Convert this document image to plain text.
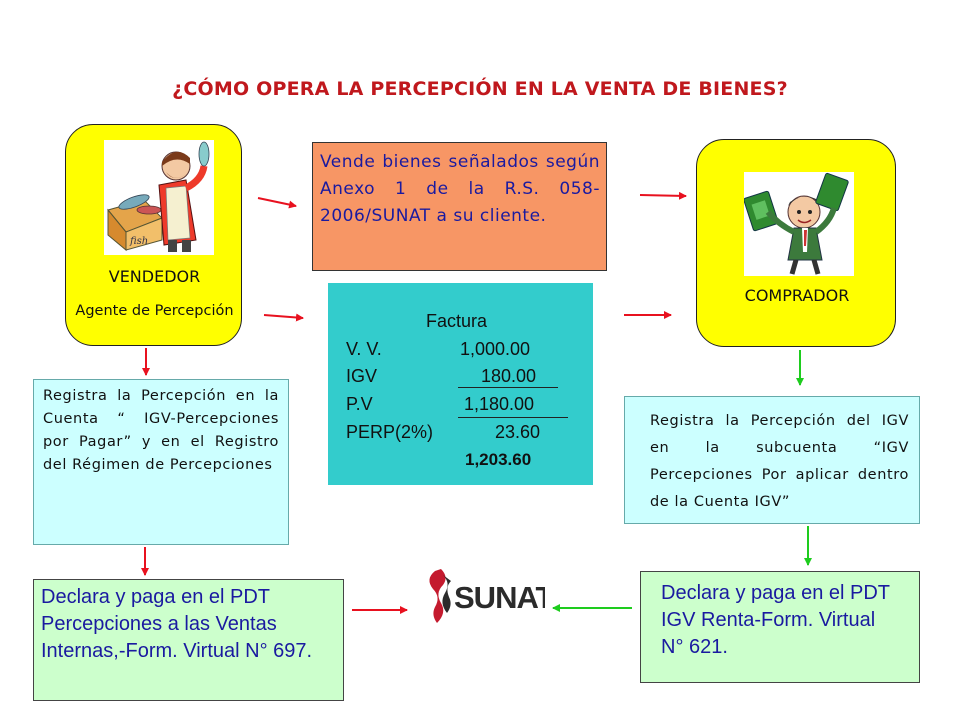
¿CÓMO OPERA LA PERCEPCIÓN EN LA VENTA DE BIENES?
fish
VENDEDOR
Agente de Percepción
COMPRADOR
Vende bienes señalados según Anexo 1 de la R.S. 058-2006/SUNAT a su cliente.
Factura
V. V.	1,000.00
IGV	180.00
P.V	1,180.00
PERP(2%)	23.60
1,203.60
Registra la Percepción en la Cuenta “ IGV-Percepciones por Pagar” y en el Registro del Régimen de Percepciones
Registra la Percepción del IGV en la subcuenta “IGV Percepciones Por aplicar dentro de la Cuenta IGV”
Declara y paga en el PDT Percepciones a las Ventas Internas,-Form. Virtual N° 697.
Declara y paga en el PDT IGV Renta-Form. Virtual N° 621.
SUNAT
